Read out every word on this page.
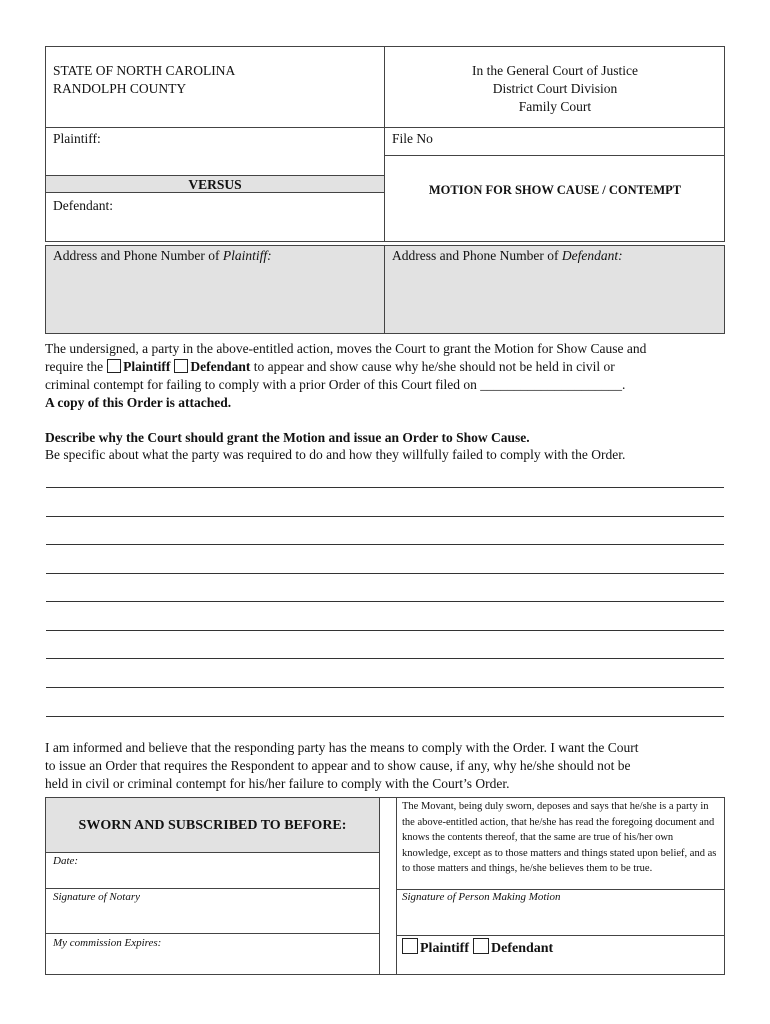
STATE OF NORTH CAROLINA
RANDOLPH COUNTY
In the General Court of Justice
District Court Division
Family Court
Plaintiff:	File No
VERSUS
Defendant:
MOTION FOR SHOW CAUSE / CONTEMPT
Address and Phone Number of Plaintiff:	Address and Phone Number of Defendant:
The undersigned, a party in the above-entitled action, moves the Court to grant the Motion for Show Cause and
require the Plaintiff Defendant to appear and show cause why he/she should not be held in civil or
criminal contempt for failing to comply with a prior Order of this Court filed on _____________________.
A copy of this Order is attached.
Describe why the Court should grant the Motion and issue an Order to Show Cause.
Be specific about what the party was required to do and how they willfully failed to comply with the Order.
I am informed and believe that the responding party has the means to comply with the Order. I want the Court
to issue an Order that requires the Respondent to appear and to show cause, if any, why he/she should not be
held in civil or criminal contempt for his/her failure to comply with the Court’s Order.
SWORN AND SUBSCRIBED TO BEFORE:
Date:
Signature of Notary
My commission Expires:
The Movant, being duly sworn, deposes and says that he/she is a party in the above-entitled action, that he/she has read the foregoing document and knows the contents thereof, that the same are true of his/her own knowledge, except as to those matters and things stated upon belief, and as to those matters and things, he/she believes them to be true.
Signature of Person Making Motion
Plaintiff Defendant
